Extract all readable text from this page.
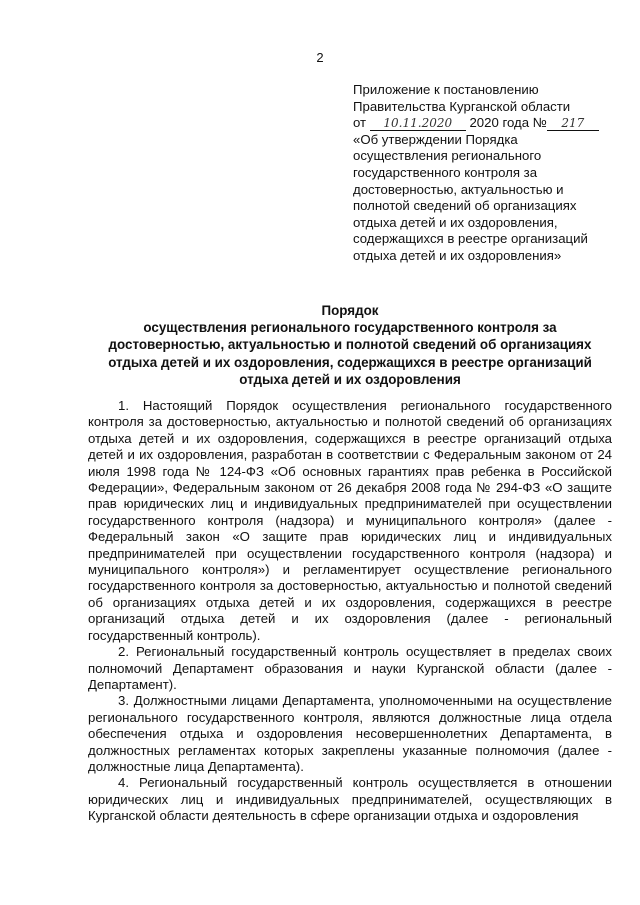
2
Приложение к постановлению
Правительства Курганской области
от 10.11.2020 2020 года № 217
«Об утверждении Порядка
осуществления регионального
государственного контроля за
достоверностью, актуальностью и
полнотой сведений об организациях
отдыха детей и их оздоровления,
содержащихся в реестре организаций
отдыха детей и их оздоровления»
Порядок
осуществления регионального государственного контроля за
достоверностью, актуальностью и полнотой сведений об организациях
отдыха детей и их оздоровления, содержащихся в реестре организаций
отдыха детей и их оздоровления

1. Настоящий Порядок осуществления регионального государственного контроля за достоверностью, актуальностью и полнотой сведений об организациях отдыха детей и их оздоровления, содержащихся в реестре организаций отдыха детей и их оздоровления, разработан в соответствии с Федеральным законом от 24 июля 1998 года № 124-ФЗ «Об основных гарантиях прав ребенка в Российской Федерации», Федеральным законом от 26 декабря 2008 года № 294-ФЗ «О защите прав юридических лиц и индивидуальных предпринимателей при осуществлении государственного контроля (надзора) и муниципального контроля» (далее - Федеральный закон «О защите прав юридических лиц и индивидуальных предпринимателей при осуществлении государственного контроля (надзора) и муниципального контроля») и регламентирует осуществление регионального государственного контроля за достоверностью, актуальностью и полнотой сведений об организациях отдыха детей и их оздоровления, содержащихся в реестре организаций отдыха детей и их оздоровления (далее - региональный государственный контроль).

2. Региональный государственный контроль осуществляет в пределах своих полномочий Департамент образования и науки Курганской области (далее - Департамент).

3. Должностными лицами Департамента, уполномоченными на осуществление регионального государственного контроля, являются должностные лица отдела обеспечения отдыха и оздоровления несовершеннолетних Департамента, в должностных регламентах которых закреплены указанные полномочия (далее - должностные лица Департамента).

4. Региональный государственный контроль осуществляется в отношении юридических лиц и индивидуальных предпринимателей, осуществляющих в Курганской области деятельность в сфере организации отдыха и оздоровления
